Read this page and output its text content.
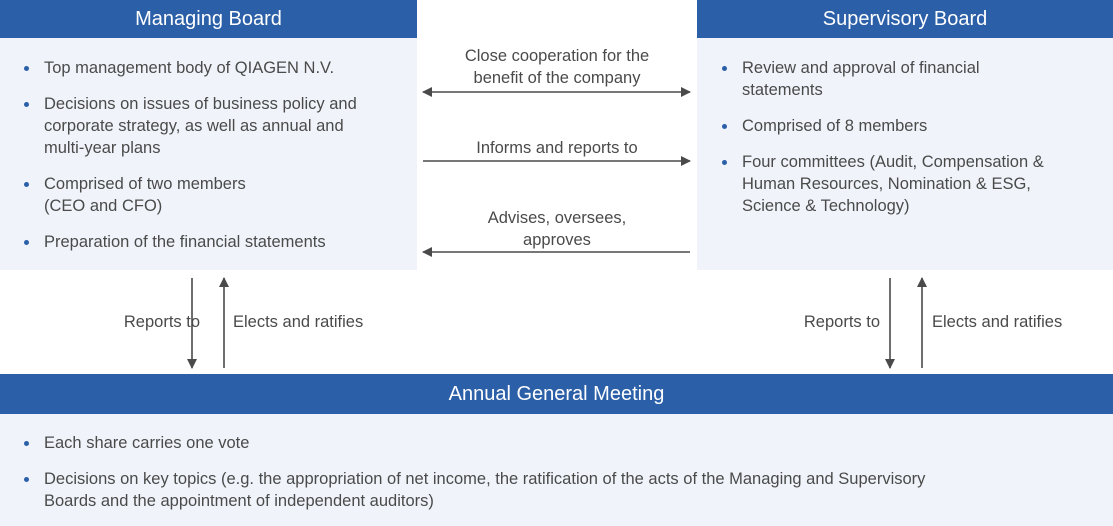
Managing Board
Top management body of QIAGEN N.V.
Decisions on issues of business policy and corporate strategy, as well as annual and multi-year plans
Comprised of two members (CEO and CFO)
Preparation of the financial statements
Supervisory Board
Review and approval of financial statements
Comprised of 8 members
Four committees (Audit, Compensation & Human Resources, Nomination & ESG, Science & Technology)
Close cooperation for the benefit of the company
Informs and reports to
Advises, oversees, approves
Reports to Elects and ratifies	Reports to	Elects and ratifies
Annual General Meeting
Each share carries one vote
Decisions on key topics (e.g. the appropriation of net income, the ratification of the acts of the Managing and Supervisory Boards and the appointment of independent auditors)
